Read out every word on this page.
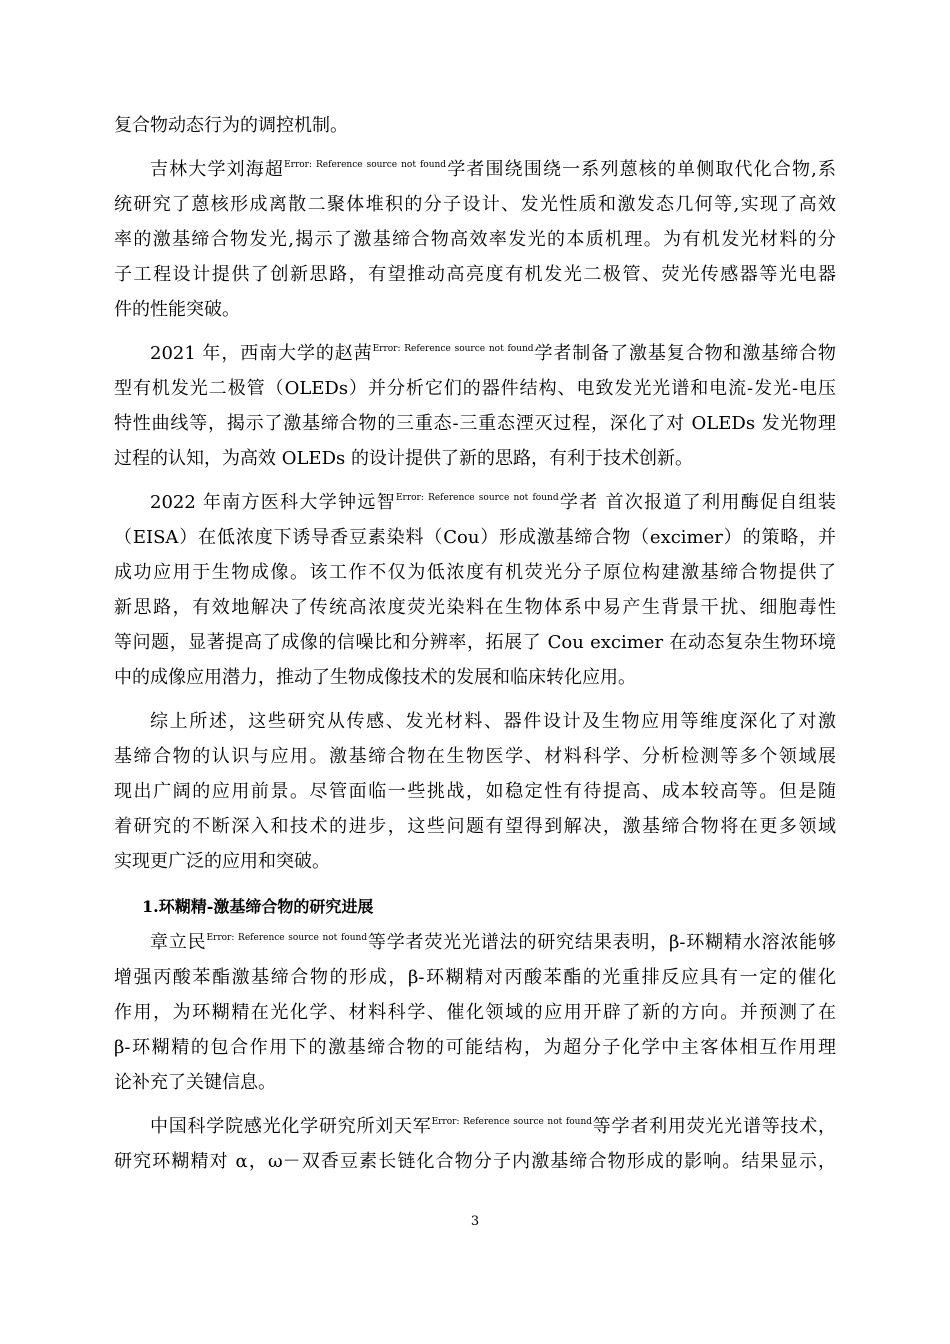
复合物动态行为的调控机制。
吉林大学刘海超$^{Error: Reference source not found}$学者围绕围绕一系列蒽核的单侧取代化合物,系
统研究了蒽核形成离散二聚体堆积的分子设计、发光性质和激发态几何等,实现了高效
率的激基缔合物发光,揭示了激基缔合物高效率发光的本质机理。为有机发光材料的分
子工程设计提供了创新思路，有望推动高亮度有机发光二极管、荧光传感器等光电器
件的性能突破。
2021 年，西南大学的赵茜$^{Error: Reference source not found}$学者制备了激基复合物和激基缔合物
型有机发光二极管（OLEDs）并分析它们的器件结构、电致发光光谱和电流-发光-电压
特性曲线等，揭示了激基缔合物的三重态-三重态湮灭过程，深化了对 OLEDs 发光物理
过程的认知，为高效 OLEDs 的设计提供了新的思路，有利于技术创新。
2022 年南方医科大学钟远智$^{Error: Reference source not found}$学者 首次报道了利用酶促自组装
（EISA）在低浓度下诱导香豆素染料（Cou）形成激基缔合物（excimer）的策略，并
成功应用于生物成像。该工作不仅为低浓度有机荧光分子原位构建激基缔合物提供了
新思路，有效地解决了传统高浓度荧光染料在生物体系中易产生背景干扰、细胞毒性
等问题，显著提高了成像的信噪比和分辨率，拓展了 Cou excimer 在动态复杂生物环境
中的成像应用潜力，推动了生物成像技术的发展和临床转化应用。
综上所述，这些研究从传感、发光材料、器件设计及生物应用等维度深化了对激
基缔合物的认识与应用。激基缔合物在生物医学、材料科学、分析检测等多个领域展
现出广阔的应用前景。尽管面临一些挑战，如稳定性有待提高、成本较高等。但是随
着研究的不断深入和技术的进步，这些问题有望得到解决，激基缔合物将在更多领域
实现更广泛的应用和突破。
1.环糊精-激基缔合物的研究进展
章立民$^{Error: Reference source not found}$等学者荧光光谱法的研究结果表明，β-环糊精水溶浓能够
增强丙酸苯酯激基缔合物的形成，β-环糊精对丙酸苯酯的光重排反应具有一定的催化
作用，为环糊精在光化学、材料科学、催化领域的应用开辟了新的方向。并预测了在
β-环糊精的包合作用下的激基缔合物的可能结构，为超分子化学中主客体相互作用理
论补充了关键信息。
中国科学院感光化学研究所刘天军$^{Error: Reference source not found}$等学者利用荧光光谱等技术，
研究环糊精对 α，ω－双香豆素长链化合物分子内激基缔合物形成的影响。结果显示，
3
